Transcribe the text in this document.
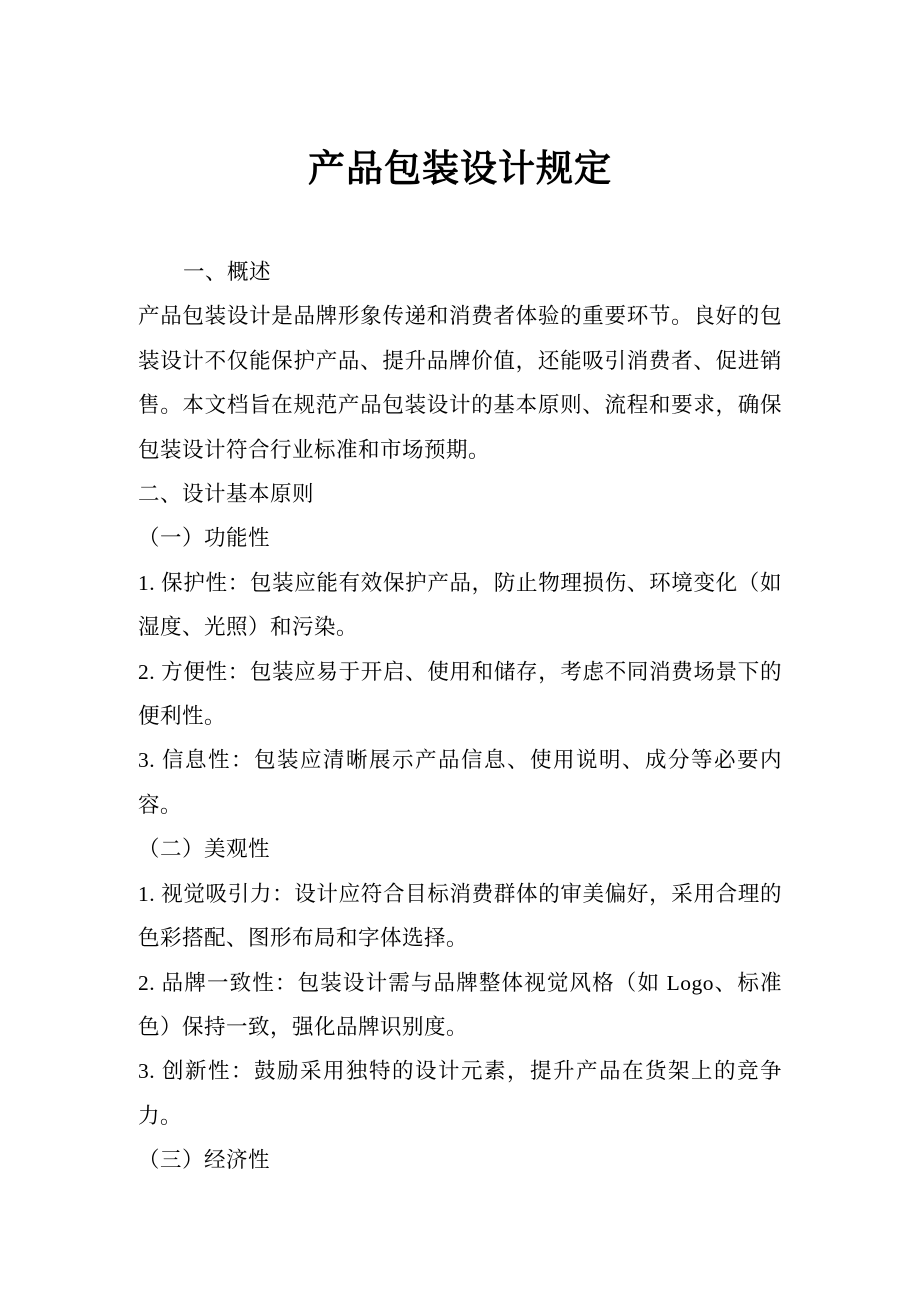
产品包装设计规定

一、概述

产品包装设计是品牌形象传递和消费者体验的重要环节。良好的包装设计不仅能保护产品、提升品牌价值，还能吸引消费者、促进销售。本文档旨在规范产品包装设计的基本原则、流程和要求，确保包装设计符合行业标准和市场预期。

二、设计基本原则

（一）功能性

1. 保护性：包装应能有效保护产品，防止物理损伤、环境变化（如湿度、光照）和污染。

2. 方便性：包装应易于开启、使用和储存，考虑不同消费场景下的便利性。

3. 信息性：包装应清晰展示产品信息、使用说明、成分等必要内容。

（二）美观性

1. 视觉吸引力：设计应符合目标消费群体的审美偏好，采用合理的色彩搭配、图形布局和字体选择。

2. 品牌一致性：包装设计需与品牌整体视觉风格（如 Logo、标准色）保持一致，强化品牌识别度。

3. 创新性：鼓励采用独特的设计元素，提升产品在货架上的竞争力。

（三）经济性
